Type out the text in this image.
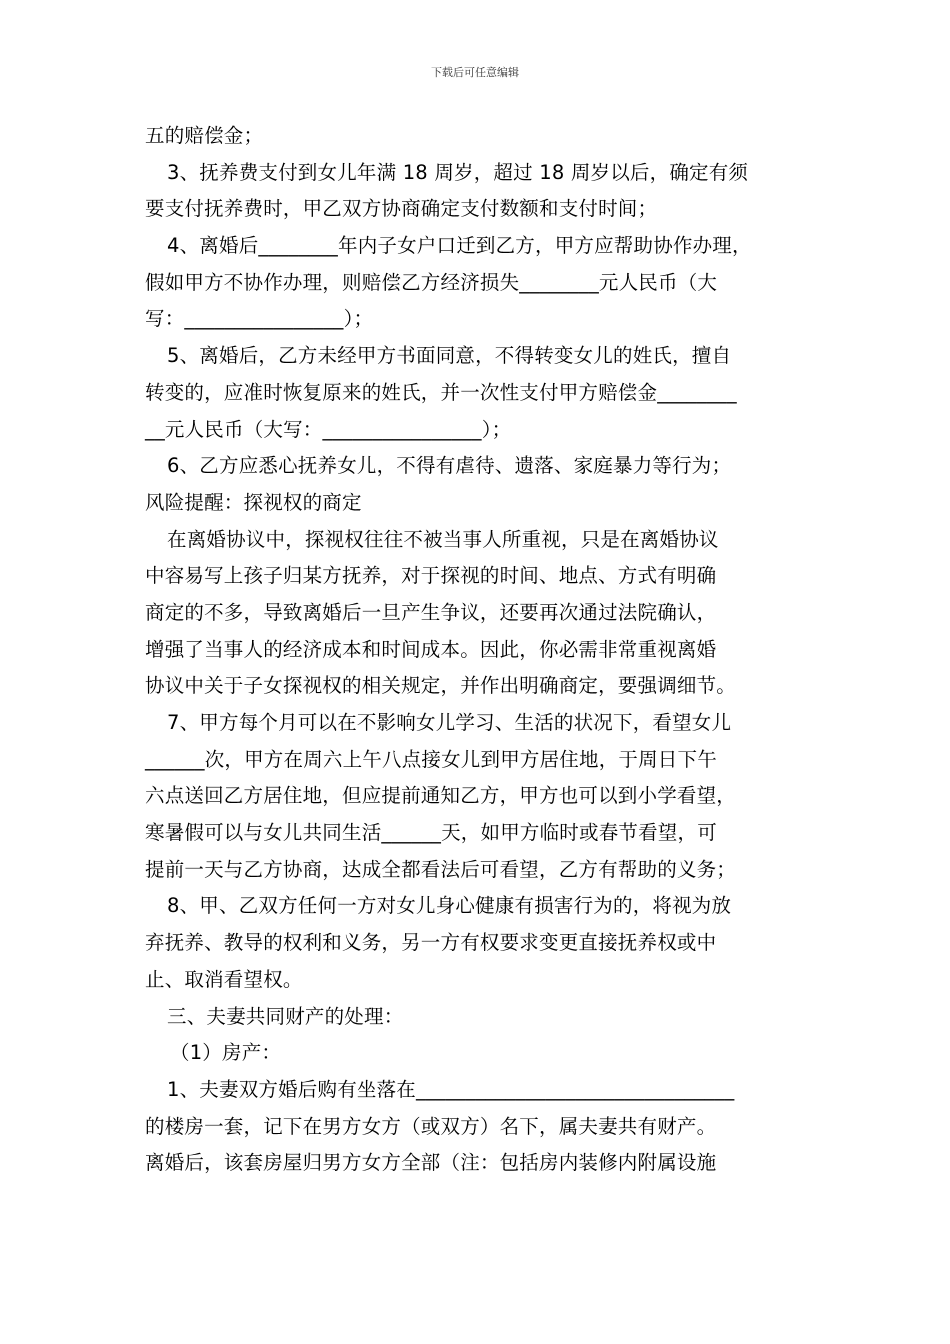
下载后可任意编辑
五的赔偿金；
3、抚养费支付到女儿年满 18 周岁，超过 18 周岁以后，确定有须
要支付抚养费时，甲乙双方协商确定支付数额和支付时间；
4、离婚后________年内子女户口迁到乙方，甲方应帮助协作办理，
假如甲方不协作办理，则赔偿乙方经济损失________元人民币（大
写：________________）；
5、离婚后，乙方未经甲方书面同意，不得转变女儿的姓氏，擅自
转变的，应准时恢复原来的姓氏，并一次性支付甲方赔偿金________
__元人民币（大写：________________）；
6、乙方应悉心抚养女儿，不得有虐待、遗落、家庭暴力等行为；
风险提醒：探视权的商定
在离婚协议中，探视权往往不被当事人所重视，只是在离婚协议
中容易写上孩子归某方抚养，对于探视的时间、地点、方式有明确
商定的不多，导致离婚后一旦产生争议，还要再次通过法院确认，
增强了当事人的经济成本和时间成本。因此，你必需非常重视离婚
协议中关于子女探视权的相关规定，并作出明确商定，要强调细节。
7、甲方每个月可以在不影响女儿学习、生活的状况下，看望女儿
______次，甲方在周六上午八点接女儿到甲方居住地，于周日下午
六点送回乙方居住地，但应提前通知乙方，甲方也可以到小学看望，
寒暑假可以与女儿共同生活______天，如甲方临时或春节看望，可
提前一天与乙方协商，达成全都看法后可看望，乙方有帮助的义务；
8、甲、乙双方任何一方对女儿身心健康有损害行为的，将视为放
弃抚养、教导的权利和义务，另一方有权要求变更直接抚养权或中
止、取消看望权。
三、夫妻共同财产的处理：
（1）房产：
1、夫妻双方婚后购有坐落在________________________________
的楼房一套，记下在男方女方（或双方）名下，属夫妻共有财产。
离婚后，该套房屋归男方女方全部（注：包括房内装修内附属设施
